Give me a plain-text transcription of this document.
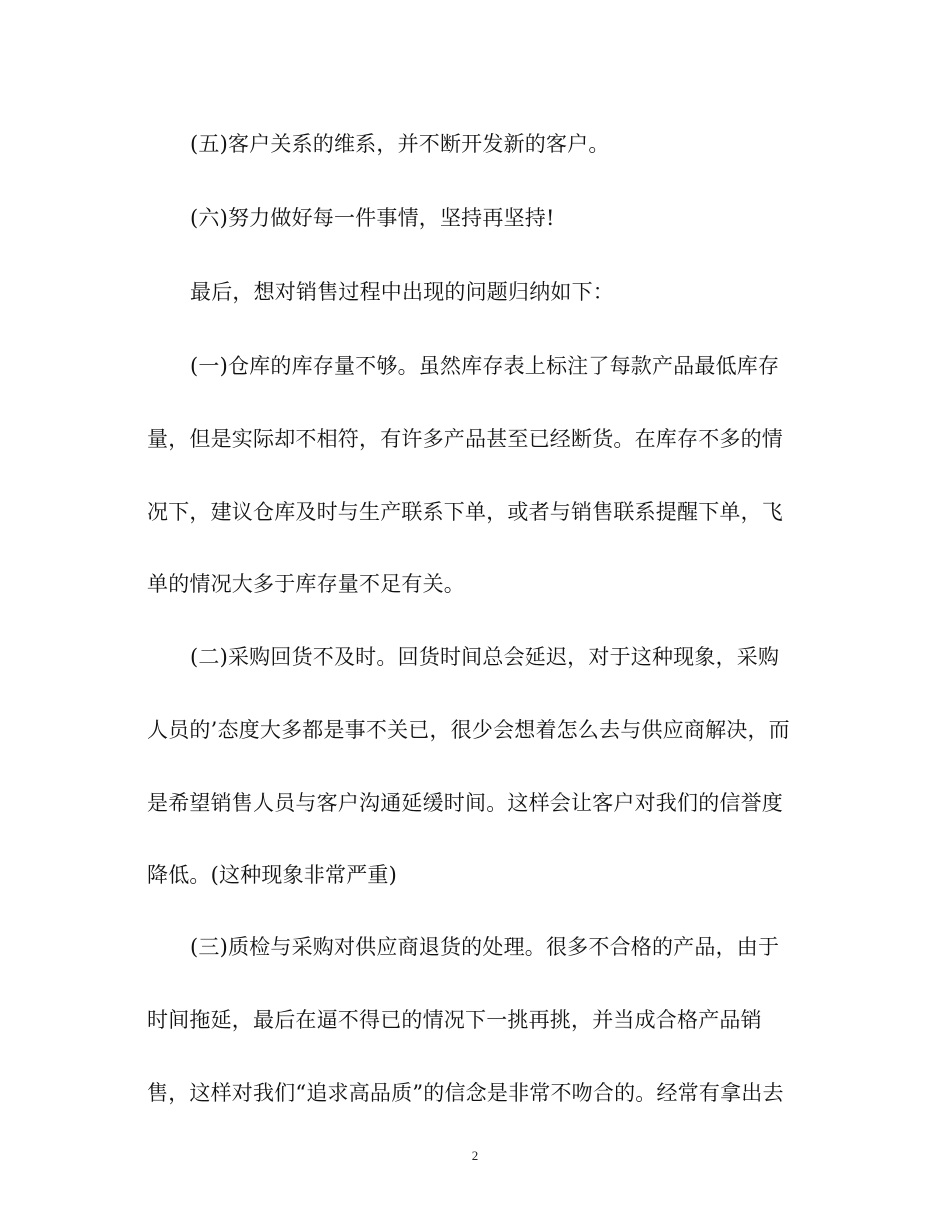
(五)客户关系的维系，并不断开发新的客户。
(六)努力做好每一件事情，坚持再坚持!
最后，想对销售过程中出现的问题归纳如下：
(一)仓库的库存量不够。虽然库存表上标注了每款产品最低库存
量，但是实际却不相符，有许多产品甚至已经断货。在库存不多的情
况下，建议仓库及时与生产联系下单，或者与销售联系提醒下单，飞
单的情况大多于库存量不足有关。
(二)采购回货不及时。回货时间总会延迟，对于这种现象，采购
人员的’态度大多都是事不关已，很少会想着怎么去与供应商解决，而
是希望销售人员与客户沟通延缓时间。这样会让客户对我们的信誉度
降低。(这种现象非常严重)
(三)质检与采购对供应商退货的处理。很多不合格的产品，由于
时间拖延，最后在逼不得已的情况下一挑再挑，并当成合格产品销
售，这样对我们“追求高品质”的信念是非常不吻合的。经常有拿出去
2
